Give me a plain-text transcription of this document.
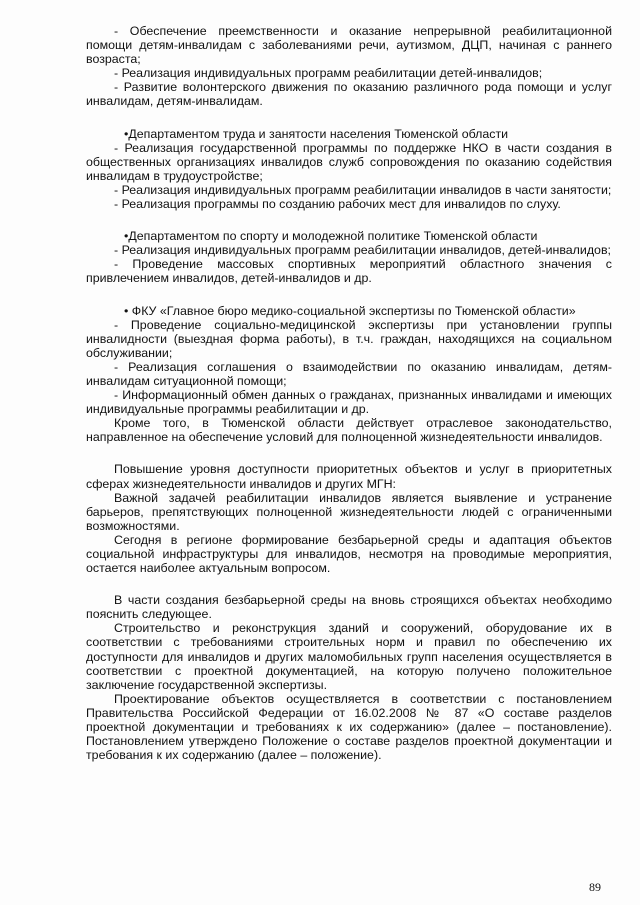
- Обеспечение преемственности и оказание непрерывной реабилитационной помощи детям-инвалидам с заболеваниями речи, аутизмом, ДЦП, начиная с раннего возраста;

- Реализация индивидуальных программ реабилитации детей-инвалидов;

- Развитие волонтерского движения по оказанию различного рода помощи и услуг инвалидам, детям-инвалидам.

•Департаментом труда и занятости населения Тюменской области

- Реализация государственной программы по поддержке НКО в части создания в общественных организациях инвалидов служб сопровождения по оказанию содействия инвалидам в трудоустройстве;

- Реализация индивидуальных программ реабилитации инвалидов в части занятости;

- Реализация программы по созданию рабочих мест для инвалидов по слуху.

•Департаментом по спорту и молодежной политике Тюменской области

- Реализация индивидуальных программ реабилитации инвалидов, детей-инвалидов;

- Проведение массовых спортивных мероприятий областного значения с привлечением инвалидов, детей-инвалидов и др.

• ФКУ «Главное бюро медико-социальной экспертизы по Тюменской области»

- Проведение социально-медицинской экспертизы при установлении группы инвалидности (выездная форма работы), в т.ч. граждан, находящихся на социальном обслуживании;

- Реализация соглашения о взаимодействии по оказанию инвалидам, детям-инвалидам ситуационной помощи;

- Информационный обмен данных о гражданах, признанных инвалидами и имеющих индивидуальные программы реабилитации и др.

Кроме того, в Тюменской области действует отраслевое законодательство, направленное на обеспечение условий для полноценной жизнедеятельности инвалидов.

Повышение уровня доступности приоритетных объектов и услуг в приоритетных сферах жизнедеятельности инвалидов и других МГН:

Важной задачей реабилитации инвалидов является выявление и устранение барьеров, препятствующих полноценной жизнедеятельности людей с ограниченными возможностями.

Сегодня в регионе формирование безбарьерной среды и адаптация объектов социальной инфраструктуры для инвалидов, несмотря на проводимые мероприятия, остается наиболее актуальным вопросом.

В части создания безбарьерной среды на вновь строящихся объектах необходимо пояснить следующее.

Строительство и реконструкция зданий и сооружений, оборудование их в соответствии с требованиями строительных норм и правил по обеспечению их доступности для инвалидов и других маломобильных групп населения осуществляется в соответствии с проектной документацией, на которую получено положительное заключение государственной экспертизы.

Проектирование объектов осуществляется в соответствии с постановлением Правительства Российской Федерации от 16.02.2008 № 87 «О составе разделов проектной документации и требованиях к их содержанию» (далее – постановление). Постановлением утверждено Положение о составе разделов проектной документации и требования к их содержанию (далее – положение).

89
